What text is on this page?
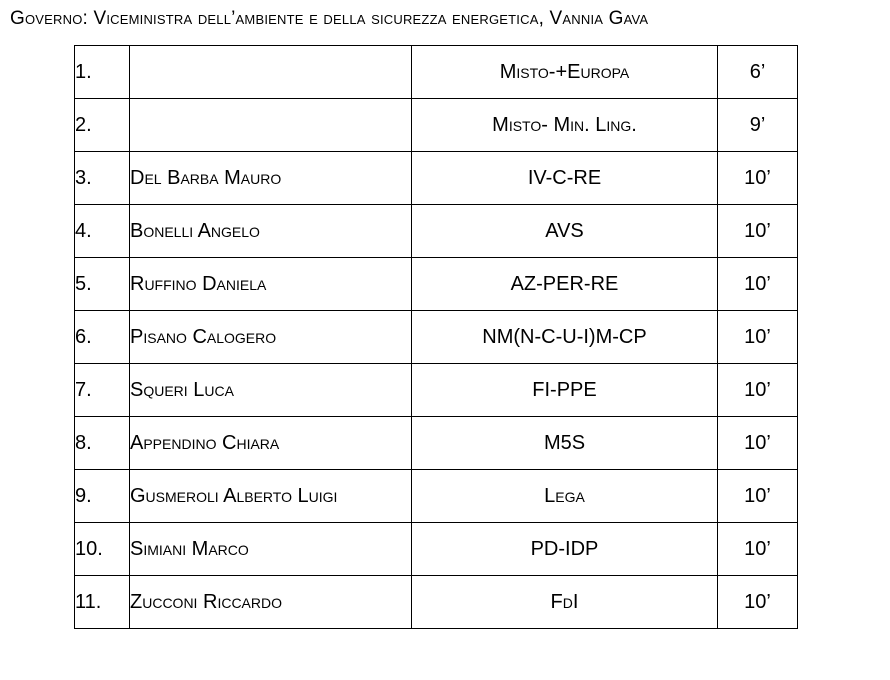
Governo: Viceministra dell’ambiente e della sicurezza energetica, Vannia Gava
1.		Misto-+Europa	6’
2.		Misto- Min. Ling.	9’
3.	Del Barba Mauro	IV-C-RE	10’
4.	Bonelli Angelo	AVS	10’
5.	Ruffino Daniela	AZ-PER-RE	10’
6.	Pisano Calogero	NM(N-C-U-I)M-CP	10’
7.	Squeri Luca	FI-PPE	10’
8.	Appendino Chiara	M5S	10’
9.	Gusmeroli Alberto Luigi	Lega	10’
10.	Simiani Marco	PD-IDP	10’
11.	Zucconi Riccardo	FdI	10’
